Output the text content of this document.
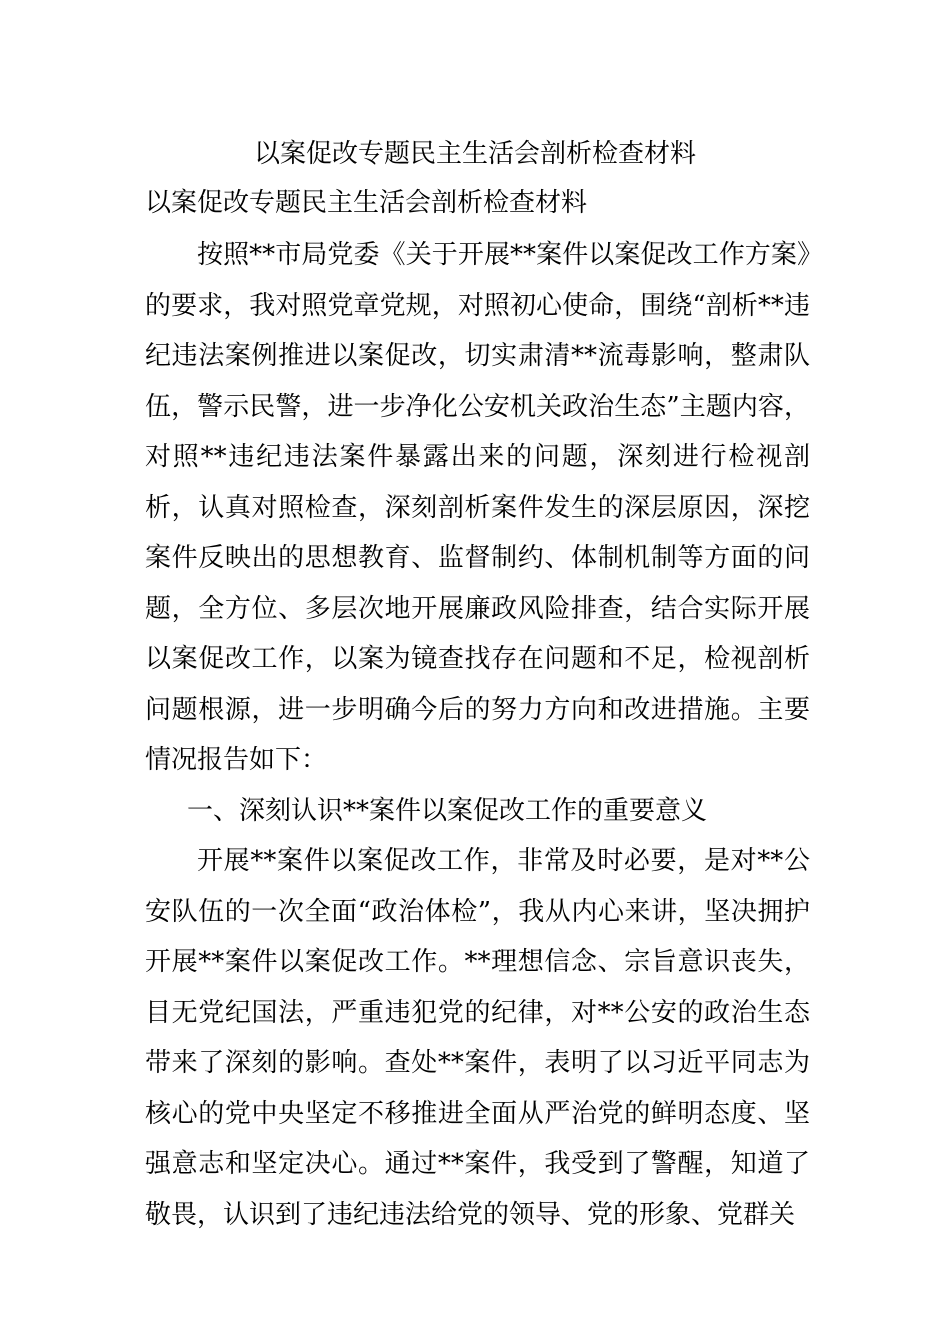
以案促改专题民主生活会剖析检查材料
以案促改专题民主生活会剖析检查材料

按照**市局党委《关于开展**案件以案促改工作方案》的要求，我对照党章党规，对照初心使命，围绕“剖析**违纪违法案例推进以案促改，切实肃清**流毒影响，整肃队伍，警示民警，进一步净化公安机关政治生态”主题内容，对照**违纪违法案件暴露出来的问题，深刻进行检视剖析，认真对照检查，深刻剖析案件发生的深层原因，深挖案件反映出的思想教育、监督制约、体制机制等方面的问题，全方位、多层次地开展廉政风险排查，结合实际开展以案促改工作，以案为镜查找存在问题和不足，检视剖析问题根源，进一步明确今后的努力方向和改进措施。主要情况报告如下：

一、深刻认识**案件以案促改工作的重要意义

开展**案件以案促改工作，非常及时必要，是对**公安队伍的一次全面“政治体检”，我从内心来讲，坚决拥护开展**案件以案促改工作。**理想信念、宗旨意识丧失，目无党纪国法，严重违犯党的纪律，对**公安的政治生态带来了深刻的影响。查处**案件，表明了以习近平同志为核心的党中央坚定不移推进全面从严治党的鲜明态度、坚强意志和坚定决心。通过**案件，我受到了警醒，知道了敬畏，认识到了违纪违法给党的领导、党的形象、党群关
